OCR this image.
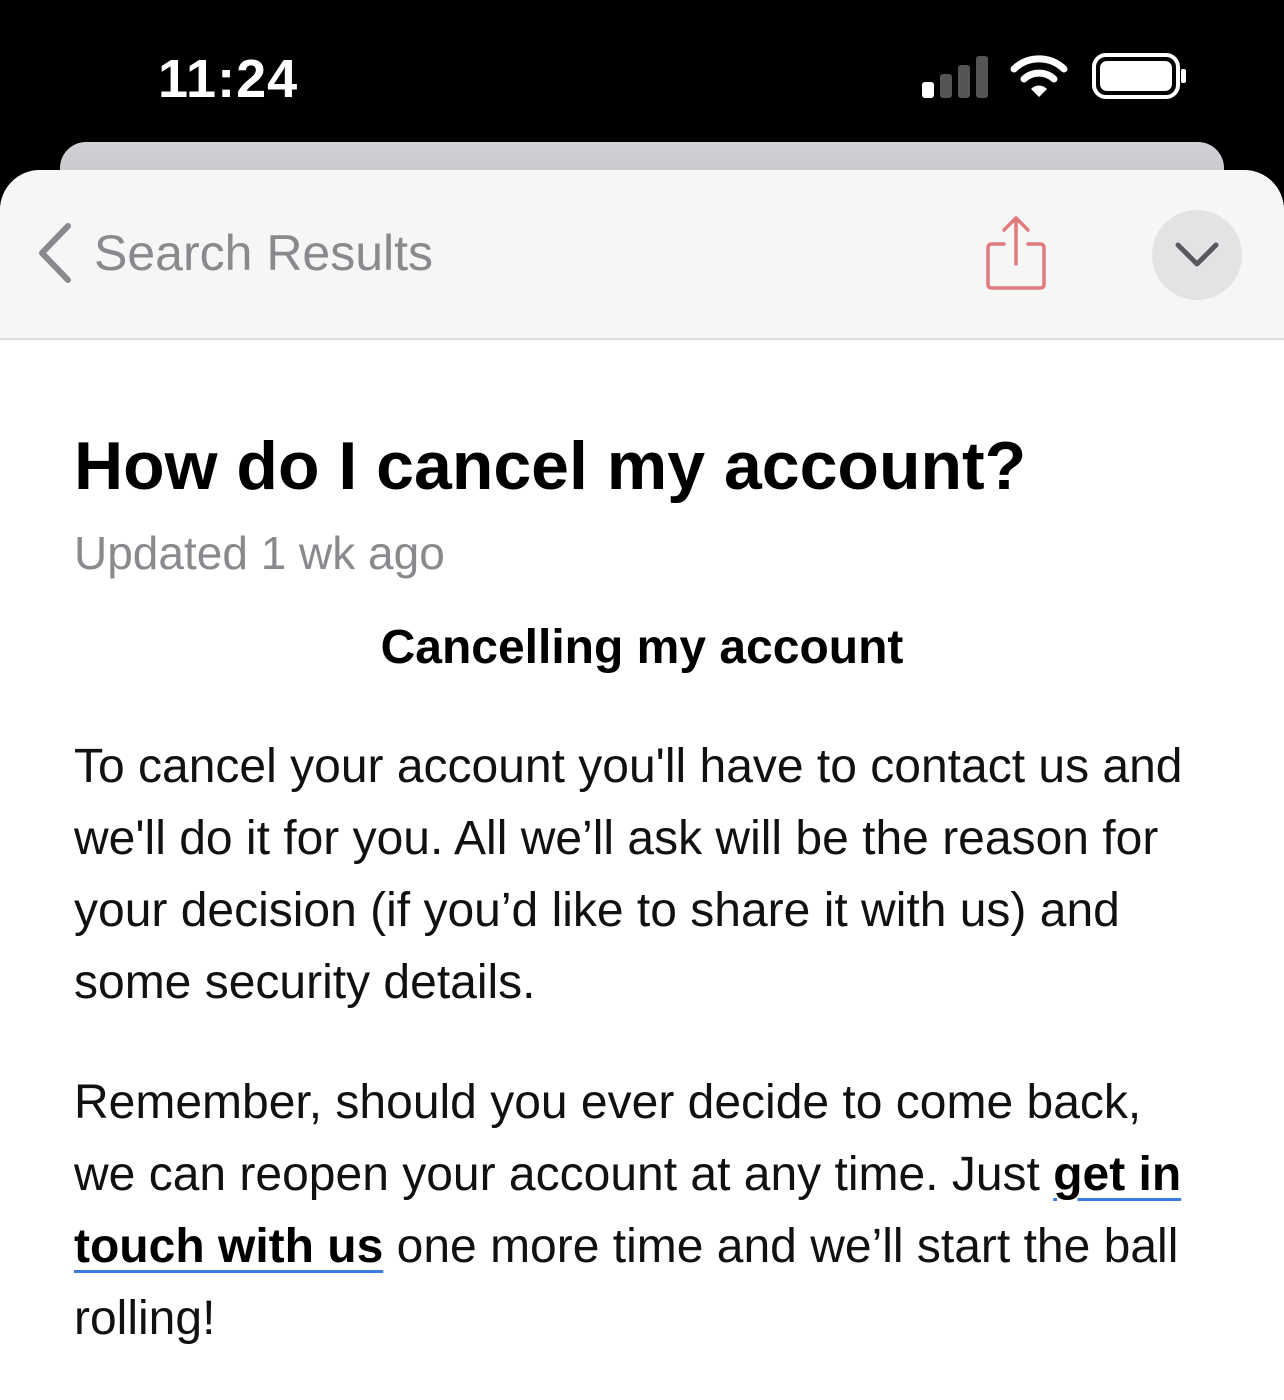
11:24
Search Results
How do I cancel my account?
Updated 1 wk ago
Cancelling my account

To cancel your account you'll have to contact us and we'll do it for you. All we’ll ask will be the reason for your decision (if you’d like to share it with us) and some security details.

Remember, should you ever decide to come back, we can reopen your account at any time. Just get in touch with us one more time and we’ll start the ball rolling!
